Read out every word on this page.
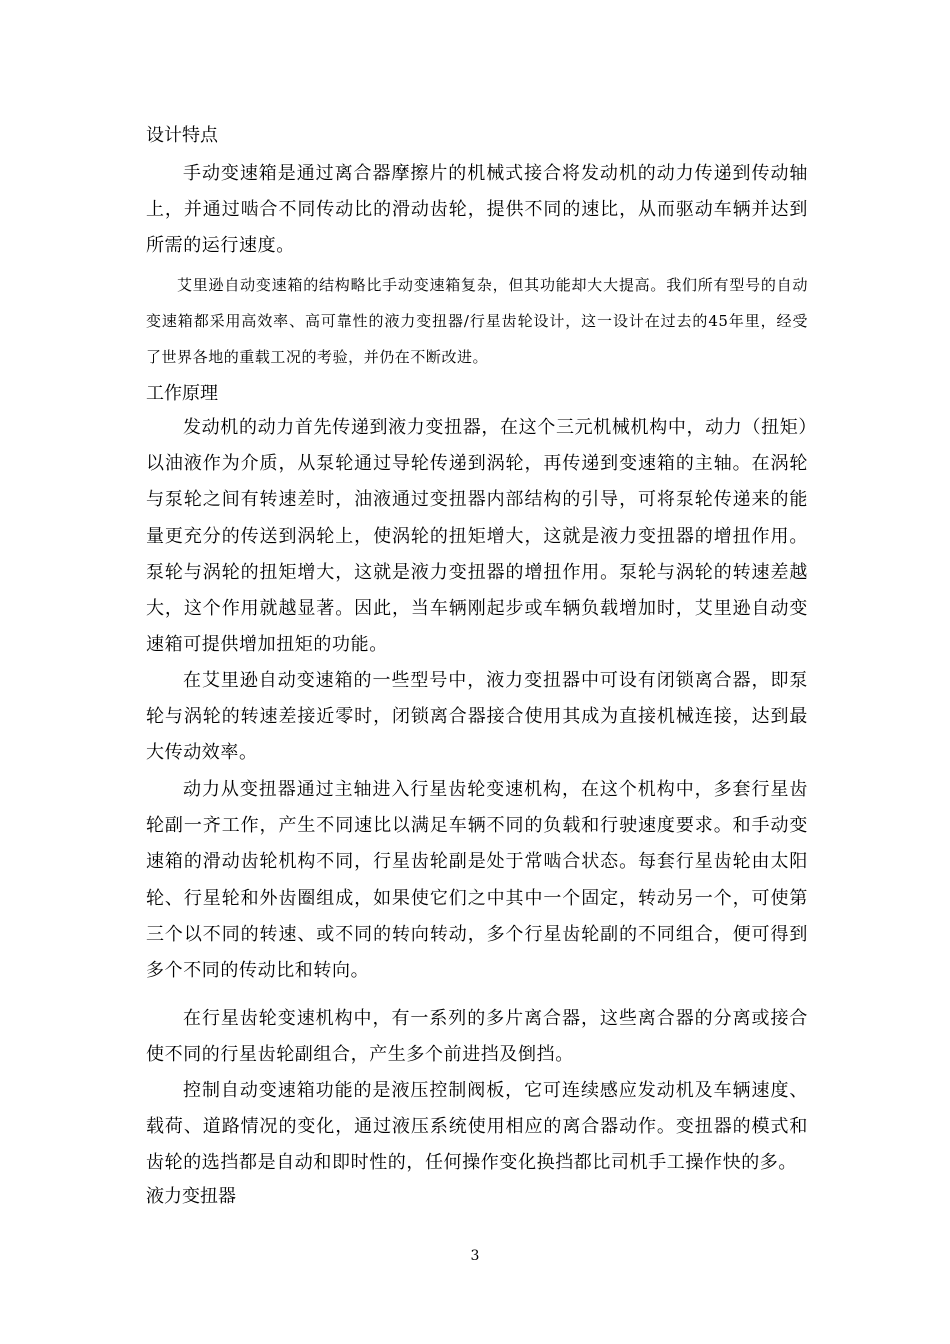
设计特点

手动变速箱是通过离合器摩擦片的机械式接合将发动机的动力传递到传动轴上，并通过啮合不同传动比的滑动齿轮，提供不同的速比，从而驱动车辆并达到所需的运行速度。

艾里逊自动变速箱的结构略比手动变速箱复杂，但其功能却大大提高。我们所有型号的自动变速箱都采用高效率、高可靠性的液力变扭器/行星齿轮设计，这一设计在过去的45年里，经受了世界各地的重载工况的考验，并仍在不断改进。

工作原理

发动机的动力首先传递到液力变扭器，在这个三元机械机构中，动力（扭矩）以油液作为介质，从泵轮通过导轮传递到涡轮，再传递到变速箱的主轴。在涡轮与泵轮之间有转速差时，油液通过变扭器内部结构的引导，可将泵轮传递来的能量更充分的传送到涡轮上，使涡轮的扭矩增大，这就是液力变扭器的增扭作用。泵轮与涡轮的扭矩增大，这就是液力变扭器的增扭作用。泵轮与涡轮的转速差越大，这个作用就越显著。因此，当车辆刚起步或车辆负载增加时，艾里逊自动变速箱可提供增加扭矩的功能。

在艾里逊自动变速箱的一些型号中，液力变扭器中可设有闭锁离合器，即泵轮与涡轮的转速差接近零时，闭锁离合器接合使用其成为直接机械连接，达到最大传动效率。

动力从变扭器通过主轴进入行星齿轮变速机构，在这个机构中，多套行星齿轮副一齐工作，产生不同速比以满足车辆不同的负载和行驶速度要求。和手动变速箱的滑动齿轮机构不同，行星齿轮副是处于常啮合状态。每套行星齿轮由太阳轮、行星轮和外齿圈组成，如果使它们之中其中一个固定，转动另一个，可使第三个以不同的转速、或不同的转向转动，多个行星齿轮副的不同组合，便可得到多个不同的传动比和转向。

在行星齿轮变速机构中，有一系列的多片离合器，这些离合器的分离或接合使不同的行星齿轮副组合，产生多个前进挡及倒挡。

控制自动变速箱功能的是液压控制阀板，它可连续感应发动机及车辆速度、载荷、道路情况的变化，通过液压系统使用相应的离合器动作。变扭器的模式和齿轮的选挡都是自动和即时性的，任何操作变化换挡都比司机手工操作快的多。

液力变扭器
3
